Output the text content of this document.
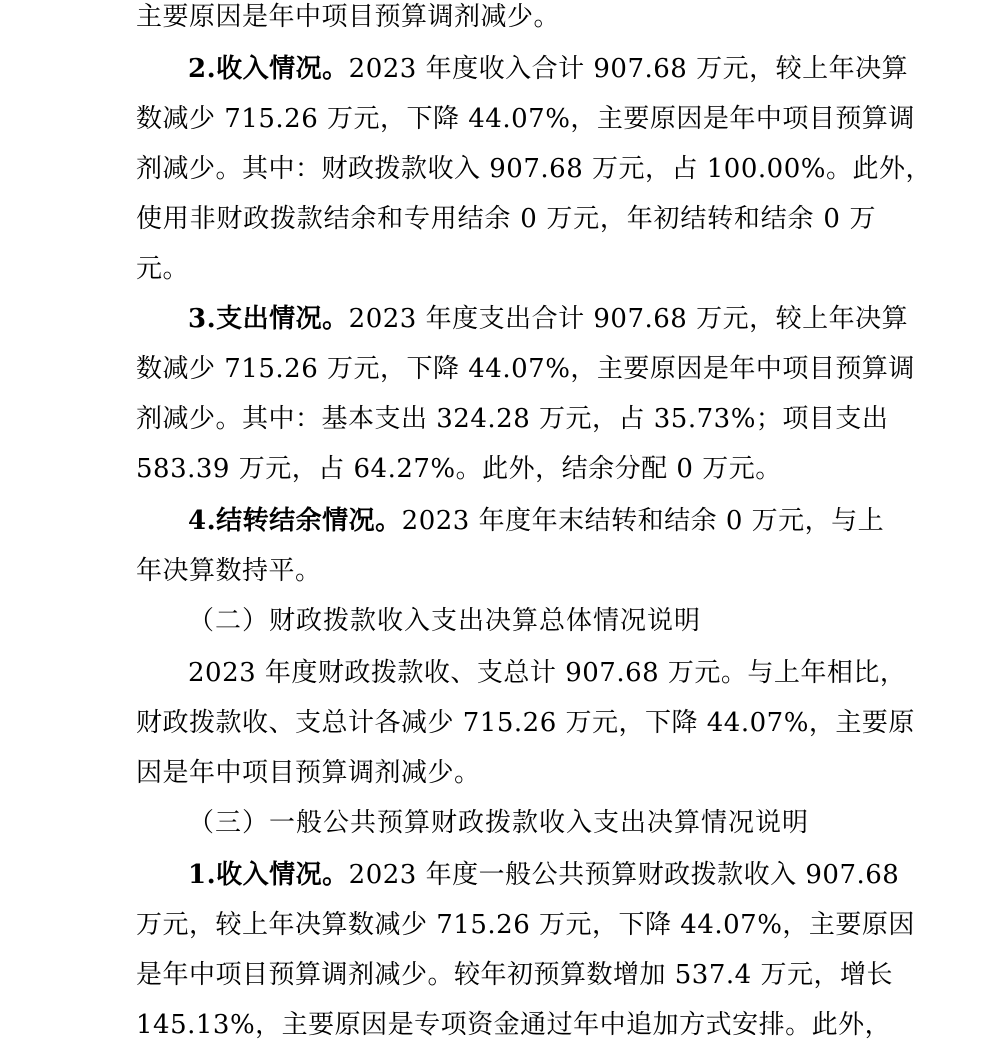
主要原因是年中项目预算调剂减少。
2.收入情况。2023 年度收入合计 907.68 万元，较上年决算
数减少 715.26 万元，下降 44.07%，主要原因是年中项目预算调
剂减少。其中：财政拨款收入 907.68 万元，占 100.00%。此外，
使用非财政拨款结余和专用结余 0 万元，年初结转和结余 0 万
元。
3.支出情况。2023 年度支出合计 907.68 万元，较上年决算
数减少 715.26 万元，下降 44.07%，主要原因是年中项目预算调
剂减少。其中：基本支出 324.28 万元，占 35.73%；项目支出
583.39 万元，占 64.27%。此外，结余分配 0 万元。
4.结转结余情况。2023 年度年末结转和结余 0 万元，与上
年决算数持平。
（二）财政拨款收入支出决算总体情况说明
2023 年度财政拨款收、支总计 907.68 万元。与上年相比，
财政拨款收、支总计各减少 715.26 万元，下降 44.07%，主要原
因是年中项目预算调剂减少。
（三）一般公共预算财政拨款收入支出决算情况说明
1.收入情况。2023 年度一般公共预算财政拨款收入 907.68
万元，较上年决算数减少 715.26 万元，下降 44.07%，主要原因
是年中项目预算调剂减少。较年初预算数增加 537.4 万元，增长
145.13%，主要原因是专项资金通过年中追加方式安排。此外，
